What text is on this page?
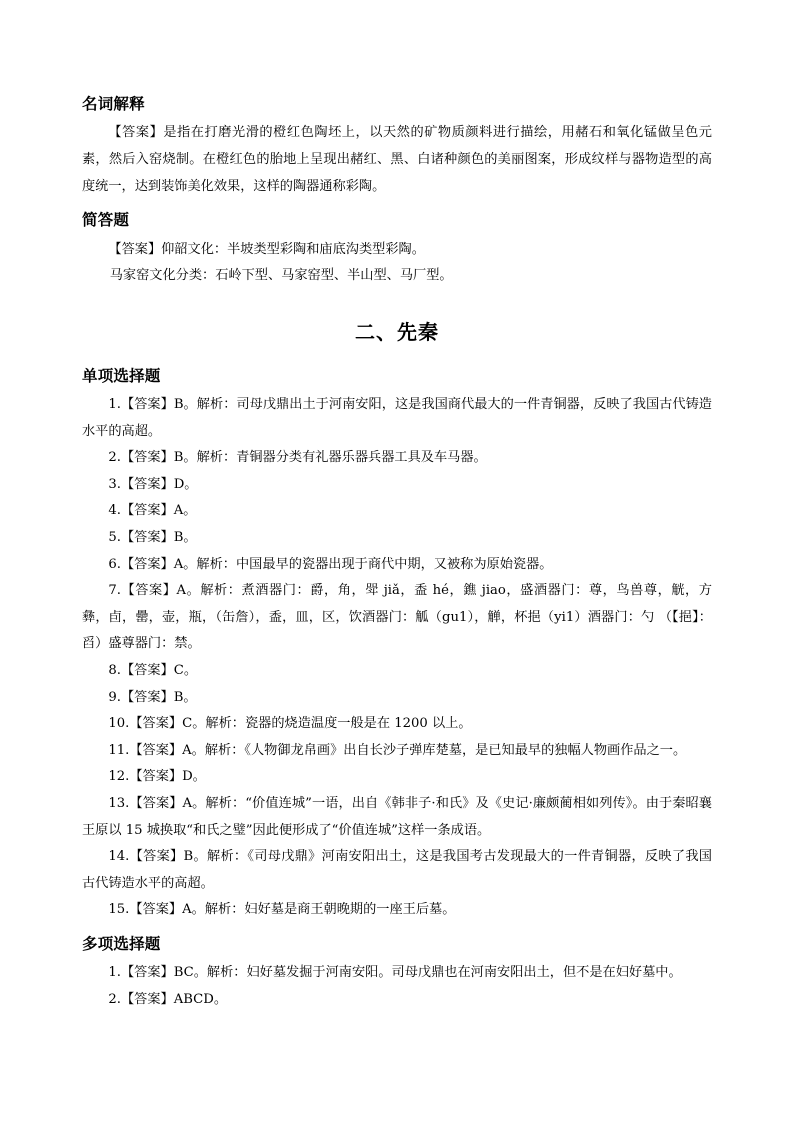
名词解释

【答案】是指在打磨光滑的橙红色陶坯上，以天然的矿物质颜料进行描绘，用赭石和氧化锰做呈色元素，然后入窑烧制。在橙红色的胎地上呈现出赭红、黑、白诸种颜色的美丽图案，形成纹样与器物造型的高度统一，达到装饰美化效果，这样的陶器通称彩陶。

简答题

【答案】仰韶文化：半坡类型彩陶和庙底沟类型彩陶。

马家窑文化分类：石岭下型、马家窑型、半山型、马厂型。

二、先秦
单项选择题
1.【答案】B。解析：司母戊鼎出土于河南安阳，这是我国商代最大的一件青铜器，反映了我国古代铸造水平的高超。
2.【答案】B。解析：青铜器分类有礼器乐器兵器工具及车马器。
3.【答案】D。
4.【答案】A。
5.【答案】B。
6.【答案】A。解析：中国最早的瓷器出现于商代中期，又被称为原始瓷器。
7.【答案】A。解析：煮酒器门：爵，角，斝 jiǎ，盉 hé，鐎 jiao，盛酒器门：尊，鸟兽尊，觥，方彝，卣，罍，壶，瓶，（缶詹），盉，皿，区，饮酒器门：觚（gu1），觯，杯挹（yi1）酒器门：勺 （【挹】：舀）盛尊器门：禁。
8.【答案】C。
9.【答案】B。
10.【答案】C。解析：瓷器的烧造温度一般是在 1200 以上。
11.【答案】A。解析：《人物御龙帛画》出自长沙子弹库楚墓，是已知最早的独幅人物画作品之一。
12.【答案】D。
13.【答案】A。解析：“价值连城”一语，出自《韩非子·和氏》及《史记·廉颇蔺相如列传》。由于秦昭襄王原以 15 城换取“和氏之璧”因此便形成了“价值连城”这样一条成语。
14.【答案】B。解析：《司母戊鼎》河南安阳出土，这是我国考古发现最大的一件青铜器，反映了我国古代铸造水平的高超。
15.【答案】A。解析：妇好墓是商王朝晚期的一座王后墓。
多项选择题
1.【答案】BC。解析：妇好墓发掘于河南安阳。司母戊鼎也在河南安阳出土，但不是在妇好墓中。
2.【答案】ABCD。
